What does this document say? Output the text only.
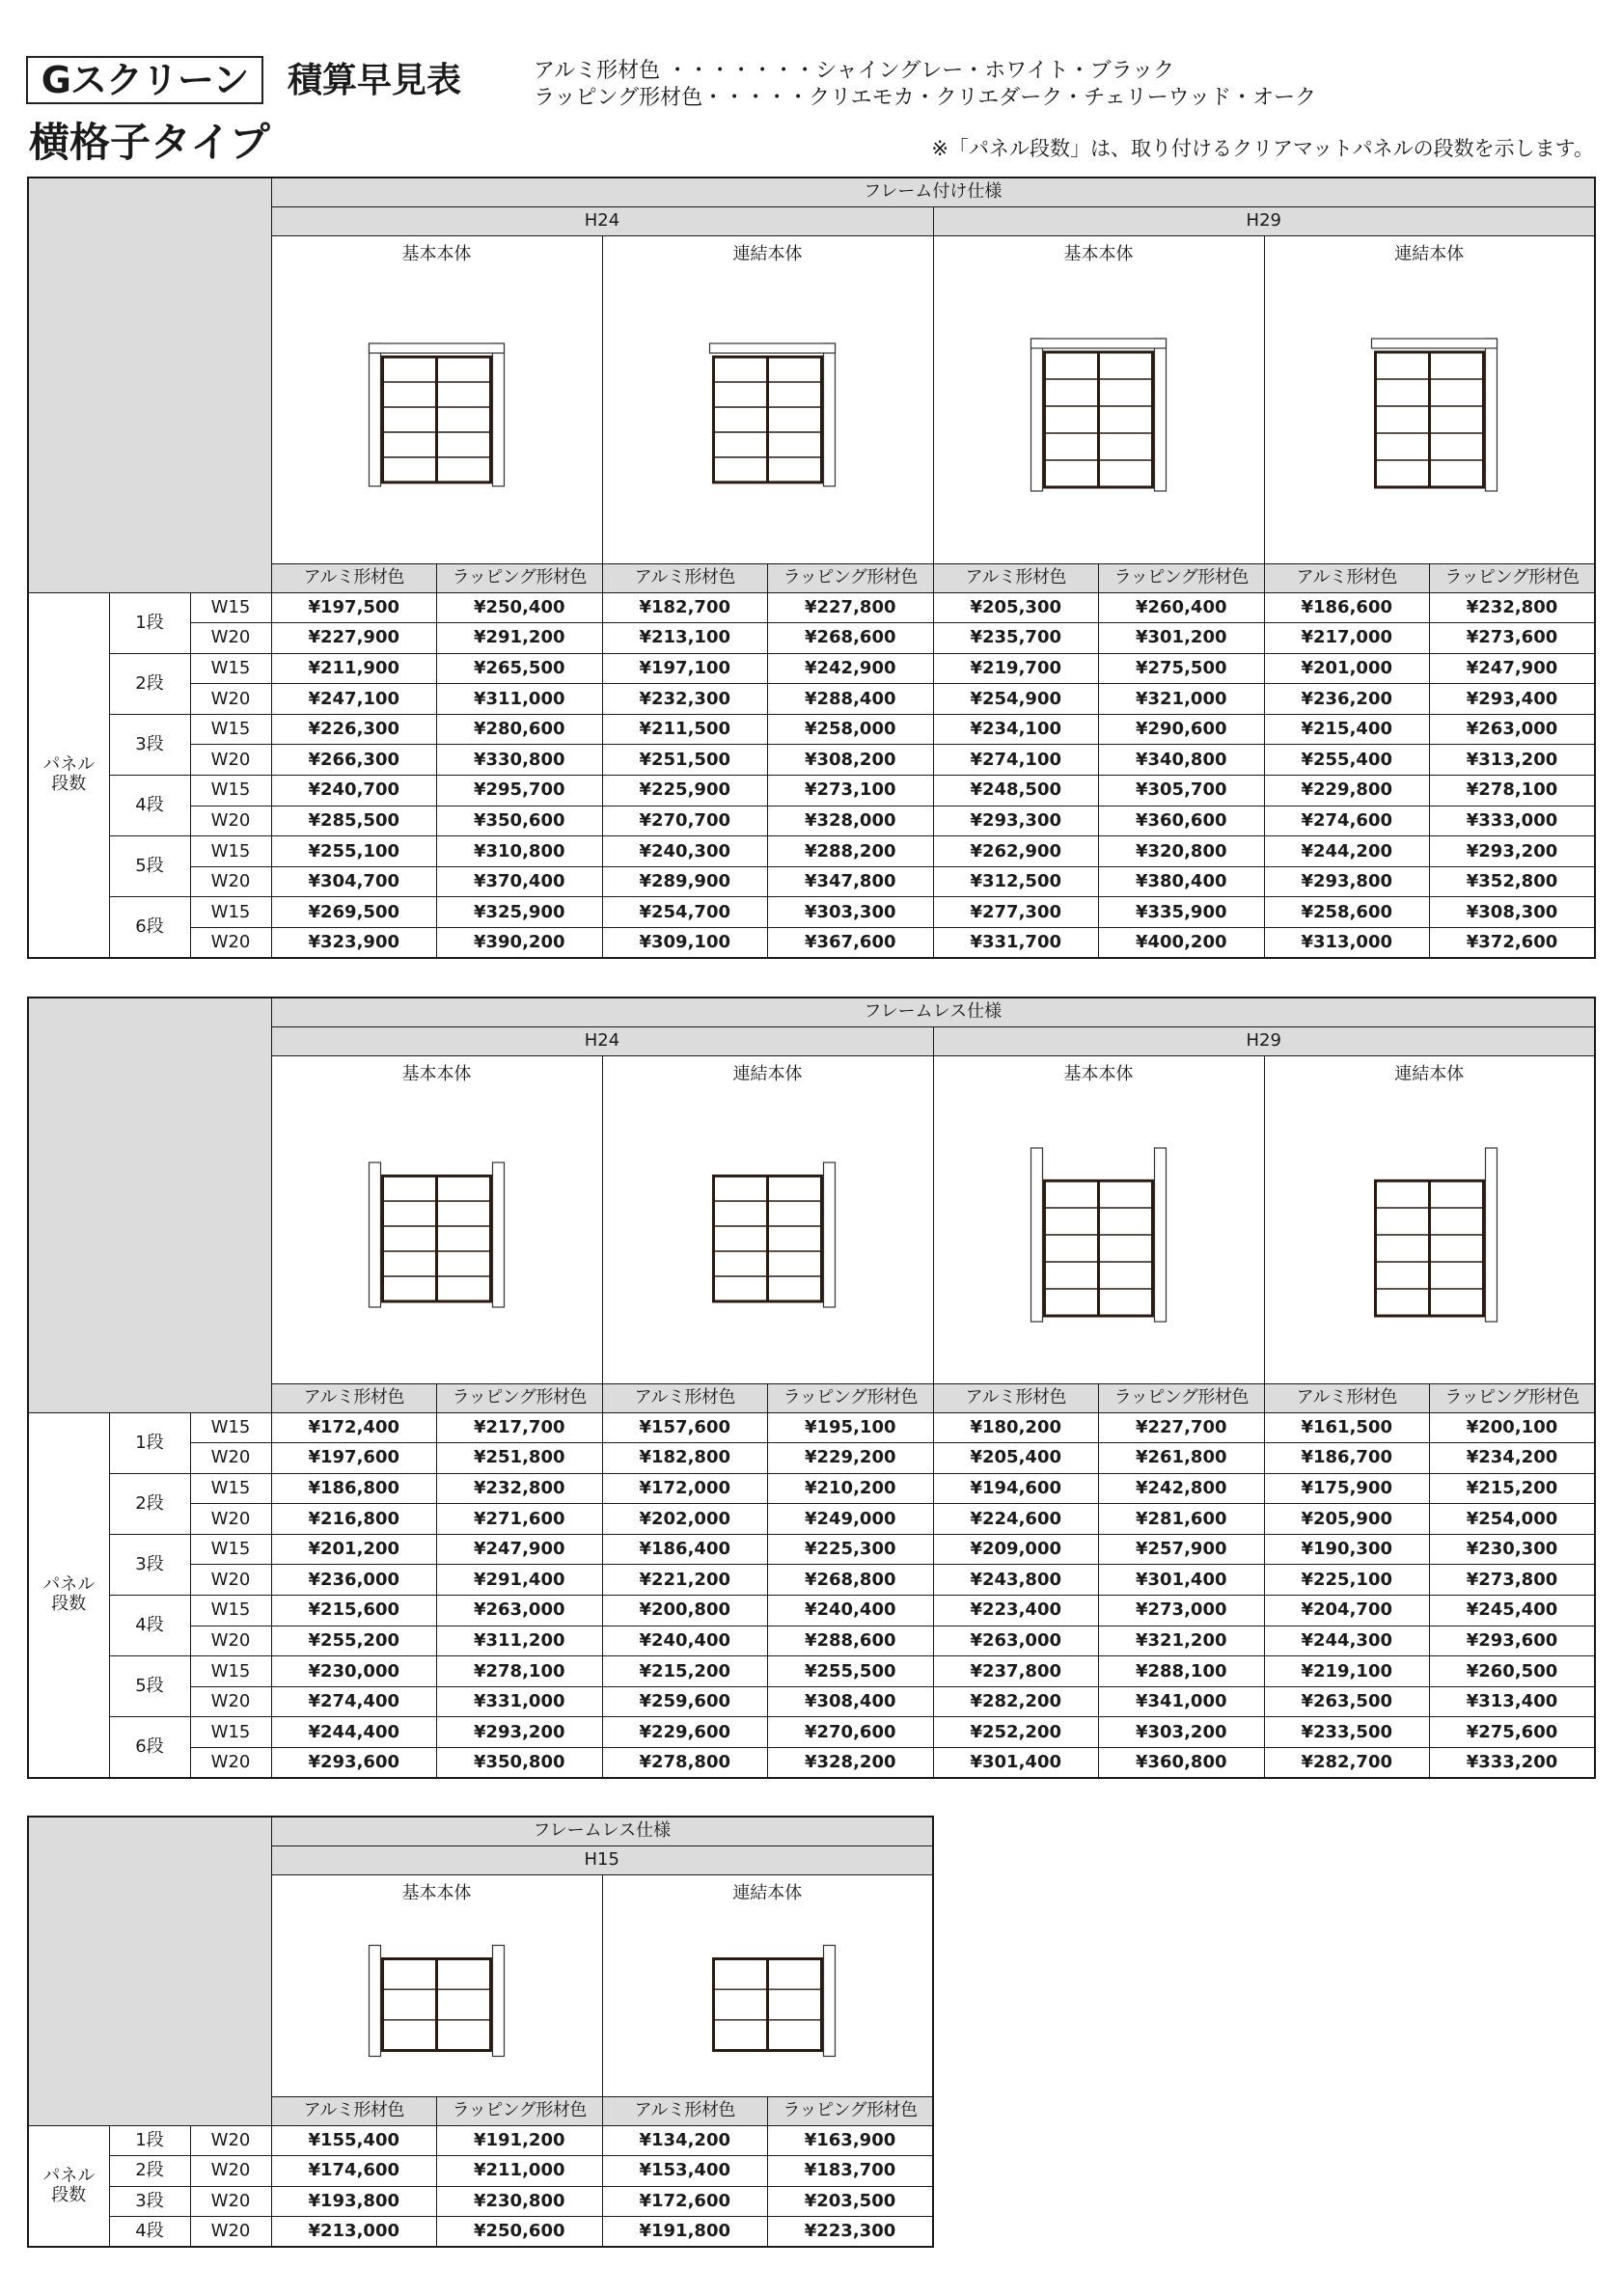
Gスクリーン	積算早見表
横格子タイプ
アルミ形材色 ・・・・・・・シャイングレー・ホワイト・ブラック
ラッピング形材色・・・・・クリエモカ・クリエダーク・チェリーウッド・オーク
※「パネル段数」は、取り付けるクリアマットパネルの段数を示します。
			フレーム付け仕様							
			H24				H29			

			基本本体		連結本体		基本本体		連結本体	

			アルミ形材色	ラッピング形材色	アルミ形材色	ラッピング形材色	アルミ形材色	ラッピング形材色	アルミ形材色	ラッピング形材色

パネル
段数	1段	W15	¥197,500	¥250,400	¥182,700	¥227,800	¥205,300	¥260,400	¥186,600	¥232,800
		W20	¥227,900	¥291,200	¥213,100	¥268,600	¥235,700	¥301,200	¥217,000	¥273,600
	2段	W15	¥211,900	¥265,500	¥197,100	¥242,900	¥219,700	¥275,500	¥201,000	¥247,900
		W20	¥247,100	¥311,000	¥232,300	¥288,400	¥254,900	¥321,000	¥236,200	¥293,400
	3段	W15	¥226,300	¥280,600	¥211,500	¥258,000	¥234,100	¥290,600	¥215,400	¥263,000
		W20	¥266,300	¥330,800	¥251,500	¥308,200	¥274,100	¥340,800	¥255,400	¥313,200
	4段	W15	¥240,700	¥295,700	¥225,900	¥273,100	¥248,500	¥305,700	¥229,800	¥278,100
		W20	¥285,500	¥350,600	¥270,700	¥328,000	¥293,300	¥360,600	¥274,600	¥333,000
	5段	W15	¥255,100	¥310,800	¥240,300	¥288,200	¥262,900	¥320,800	¥244,200	¥293,200
		W20	¥304,700	¥370,400	¥289,900	¥347,800	¥312,500	¥380,400	¥293,800	¥352,800
	6段	W15	¥269,500	¥325,900	¥254,700	¥303,300	¥277,300	¥335,900	¥258,600	¥308,300
		W20	¥323,900	¥390,200	¥309,100	¥367,600	¥331,700	¥400,200	¥313,000	¥372,600
			フレームレス仕様							
			H24				H29			

			基本本体		連結本体		基本本体		連結本体	

			アルミ形材色	ラッピング形材色	アルミ形材色	ラッピング形材色	アルミ形材色	ラッピング形材色	アルミ形材色	ラッピング形材色

パネル
段数	1段	W15	¥172,400	¥217,700	¥157,600	¥195,100	¥180,200	¥227,700	¥161,500	¥200,100
		W20	¥197,600	¥251,800	¥182,800	¥229,200	¥205,400	¥261,800	¥186,700	¥234,200
	2段	W15	¥186,800	¥232,800	¥172,000	¥210,200	¥194,600	¥242,800	¥175,900	¥215,200
		W20	¥216,800	¥271,600	¥202,000	¥249,000	¥224,600	¥281,600	¥205,900	¥254,000
	3段	W15	¥201,200	¥247,900	¥186,400	¥225,300	¥209,000	¥257,900	¥190,300	¥230,300
		W20	¥236,000	¥291,400	¥221,200	¥268,800	¥243,800	¥301,400	¥225,100	¥273,800
	4段	W15	¥215,600	¥263,000	¥200,800	¥240,400	¥223,400	¥273,000	¥204,700	¥245,400
		W20	¥255,200	¥311,200	¥240,400	¥288,600	¥263,000	¥321,200	¥244,300	¥293,600
	5段	W15	¥230,000	¥278,100	¥215,200	¥255,500	¥237,800	¥288,100	¥219,100	¥260,500
		W20	¥274,400	¥331,000	¥259,600	¥308,400	¥282,200	¥341,000	¥263,500	¥313,400
	6段	W15	¥244,400	¥293,200	¥229,600	¥270,600	¥252,200	¥303,200	¥233,500	¥275,600
		W20	¥293,600	¥350,800	¥278,800	¥328,200	¥301,400	¥360,800	¥282,700	¥333,200
			フレームレス仕様			
			H15			

			基本本体		連結本体	

			アルミ形材色	ラッピング形材色	アルミ形材色	ラッピング形材色

パネル
段数	1段	W20	¥155,400	¥191,200	¥134,200	¥163,900
	2段	W20	¥174,600	¥211,000	¥153,400	¥183,700
	3段	W20	¥193,800	¥230,800	¥172,600	¥203,500
	4段	W20	¥213,000	¥250,600	¥191,800	¥223,300
